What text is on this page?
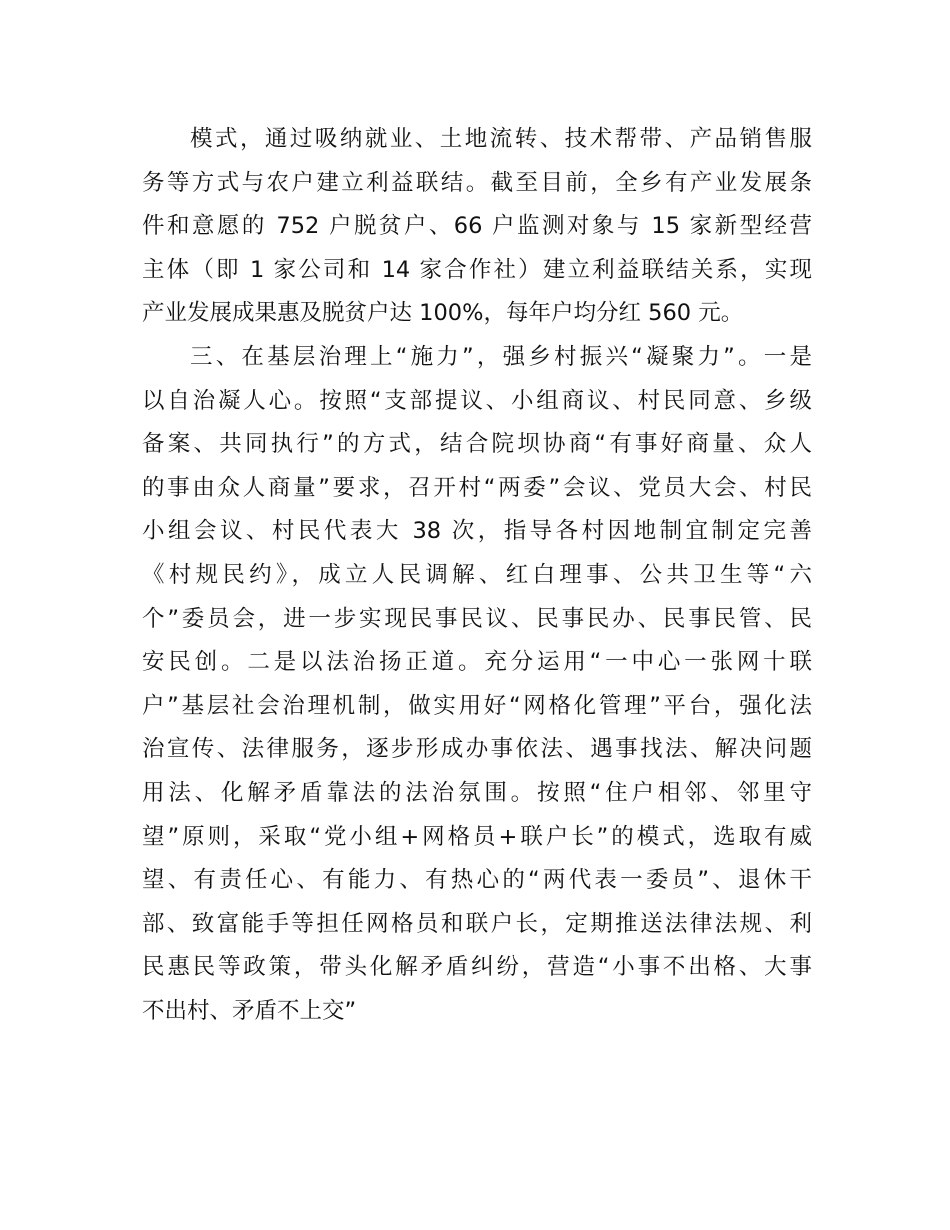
模式，通过吸纳就业、土地流转、技术帮带、产品销售服
务等方式与农户建立利益联结。截至目前，全乡有产业发展条
件和意愿的 752 户脱贫户、66 户监测对象与 15 家新型经营
主体（即 1 家公司和 14 家合作社）建立利益联结关系，实现
产业发展成果惠及脱贫户达 100%，每年户均分红 560 元。
三、在基层治理上“施力”，强乡村振兴“凝聚力”。一是
以自治凝人心。按照“支部提议、小组商议、村民同意、乡级
备案、共同执行”的方式，结合院坝协商“有事好商量、众人
的事由众人商量”要求，召开村“两委”会议、党员大会、村民
小组会议、村民代表大 38 次，指导各村因地制宜制定完善
《村规民约》，成立人民调解、红白理事、公共卫生等“六
个”委员会，进一步实现民事民议、民事民办、民事民管、民
安民创。二是以法治扬正道。充分运用“一中心一张网十联
户”基层社会治理机制，做实用好“网格化管理”平台，强化法
治宣传、法律服务，逐步形成办事依法、遇事找法、解决问题
用法、化解矛盾靠法的法治氛围。按照“住户相邻、邻里守
望”原则，采取“党小组+网格员+联户长”的模式，选取有威
望、有责任心、有能力、有热心的“两代表一委员”、退休干
部、致富能手等担任网格员和联户长，定期推送法律法规、利
民惠民等政策，带头化解矛盾纠纷，营造“小事不出格、大事
不出村、矛盾不上交”
